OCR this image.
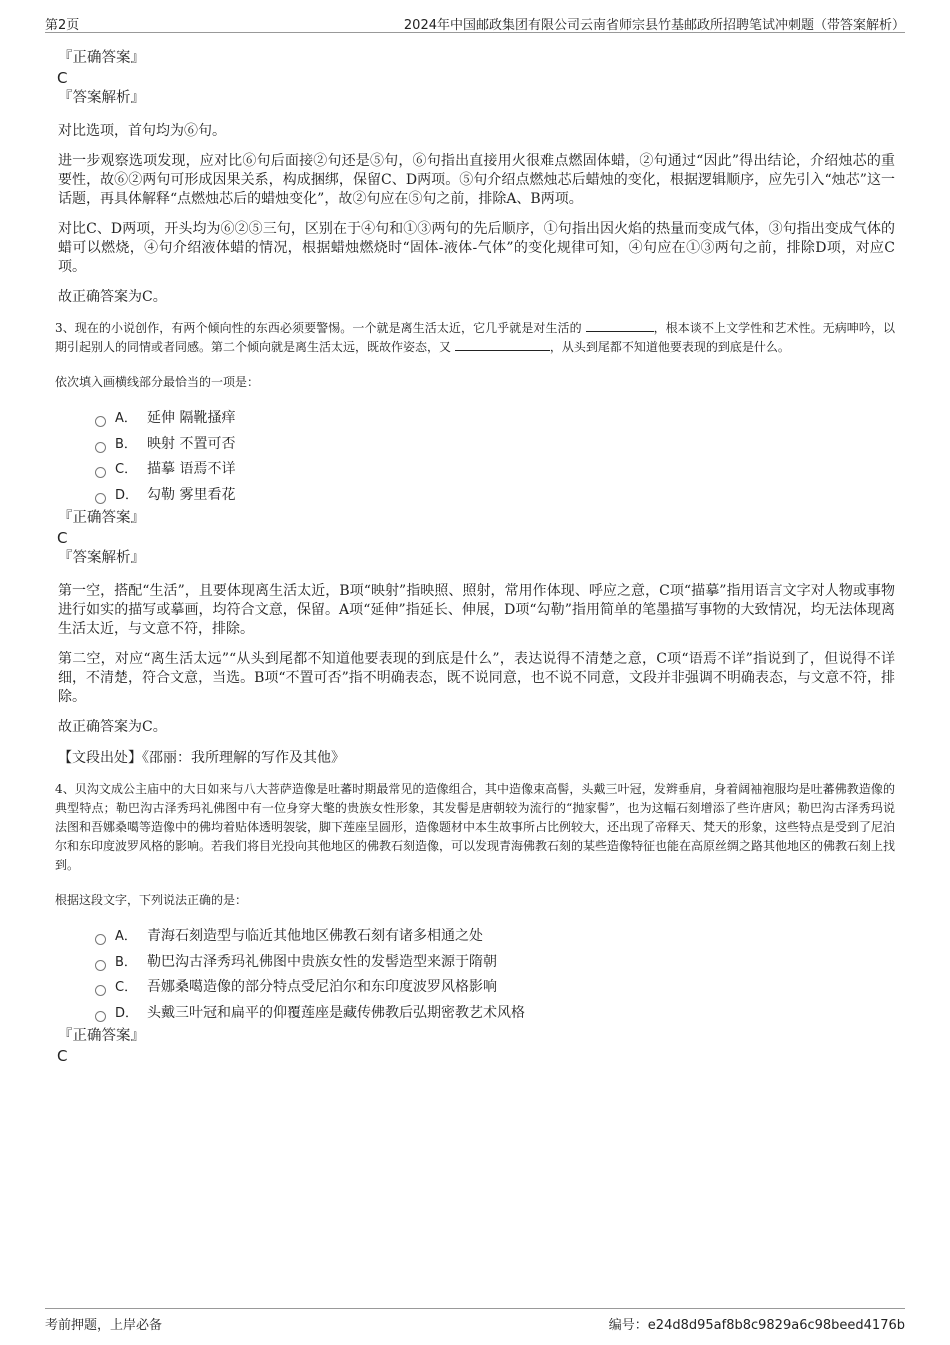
第2页	2024年中国邮政集团有限公司云南省师宗县竹基邮政所招聘笔试冲刺题（带答案解析）
『正确答案』
C
『答案解析』

对比选项，首句均为⑥句。

进一步观察选项发现，应对比⑥句后面接②句还是⑤句，⑥句指出直接用火很难点燃固体蜡，②句通过“因此”得出结论，介绍烛芯的重要性，故⑥②两句可形成因果关系，构成捆绑，保留C、D两项。⑤句介绍点燃烛芯后蜡烛的变化，根据逻辑顺序，应先引入“烛芯”这一话题，再具体解释“点燃烛芯后的蜡烛变化”，故②句应在⑤句之前，排除A、B两项。

对比C、D两项，开头均为⑥②⑤三句，区别在于④句和①③两句的先后顺序，①句指出因火焰的热量而变成气体，③句指出变成气体的蜡可以燃烧，④句介绍液体蜡的情况，根据蜡烛燃烧时“固体-液体-气体”的变化规律可知，④句应在①③两句之前，排除D项，对应C项。

故正确答案为C。

3、现在的小说创作，有两个倾向性的东西必须要警惕。一个就是离生活太近，它几乎就是对生活的	，根本谈不上文学性和艺术性。无病呻吟，以期引起别人的同情或者同感。第二个倾向就是离生活太远，既故作姿态，又	，从头到尾都不知道他要表现的到底是什么。

依次填入画横线部分最恰当的一项是：

A． 延伸 隔靴搔痒
B． 映射 不置可否
C． 描摹 语焉不详
D． 勾勒 雾里看花
『正确答案』
C
『答案解析』

第一空，搭配“生活”，且要体现离生活太近，B项“映射”指映照、照射，常用作体现、呼应之意，C项“描摹”指用语言文字对人物或事物进行如实的描写或摹画，均符合文意，保留。A项“延伸”指延长、伸展，D项“勾勒”指用简单的笔墨描写事物的大致情况，均无法体现离生活太近，与文意不符，排除。

第二空，对应“离生活太远”“从头到尾都不知道他要表现的到底是什么”，表达说得不清楚之意，C项“语焉不详”指说到了，但说得不详细，不清楚，符合文意，当选。B项“不置可否”指不明确表态，既不说同意，也不说不同意，文段并非强调不明确表态，与文意不符，排除。

故正确答案为C。

【文段出处】《邵丽：我所理解的写作及其他》

4、贝沟文成公主庙中的大日如来与八大菩萨造像是吐蕃时期最常见的造像组合，其中造像束高髻，头戴三叶冠，发辫垂肩，身着阔袖袍服均是吐蕃佛教造像的典型特点；勒巴沟古泽秀玛礼佛图中有一位身穿大氅的贵族女性形象，其发髻是唐朝较为流行的“抛家髻”，也为这幅石刻增添了些许唐风；勒巴沟古泽秀玛说法图和吾娜桑噶等造像中的佛均着贴体透明袈裟，脚下莲座呈圆形，造像题材中本生故事所占比例较大，还出现了帝释天、梵天的形象，这些特点是受到了尼泊尔和东印度波罗风格的影响。若我们将目光投向其他地区的佛教石刻造像，可以发现青海佛教石刻的某些造像特征也能在高原丝绸之路其他地区的佛教石刻上找到。

根据这段文字，下列说法正确的是：

A． 青海石刻造型与临近其他地区佛教石刻有诸多相通之处
B． 勒巴沟古泽秀玛礼佛图中贵族女性的发髻造型来源于隋朝
C． 吾娜桑噶造像的部分特点受尼泊尔和东印度波罗风格影响
D． 头戴三叶冠和扁平的仰覆莲座是藏传佛教后弘期密教艺术风格
『正确答案』
C
考前押题，上岸必备	编号：e24d8d95af8b8c9829a6c98beed4176b
